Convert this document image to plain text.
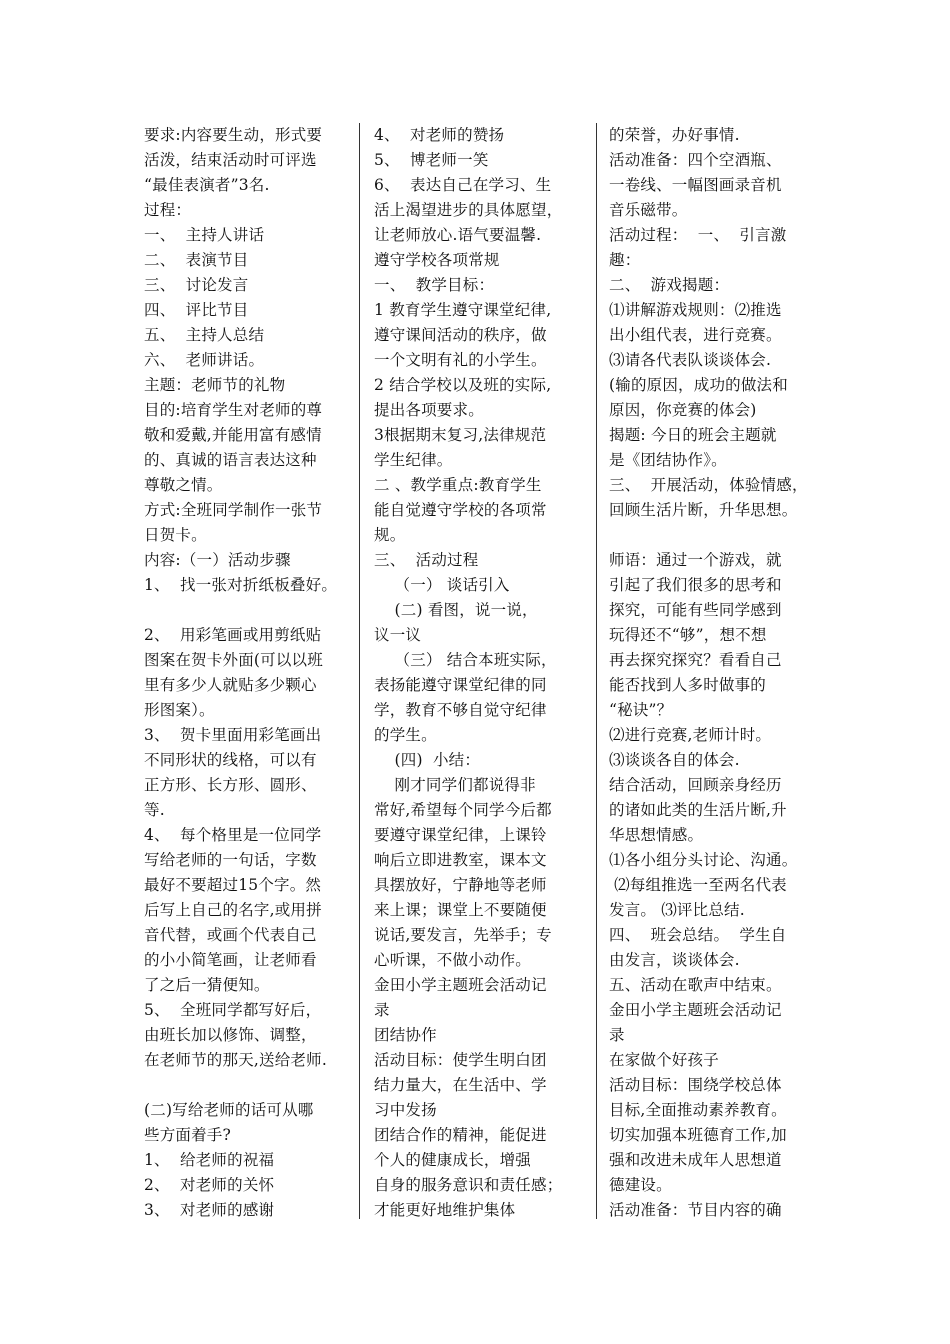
要求:内容要生动，形式要

活泼，结束活动时可评选

“最佳表演者”3名.

过程：

一、  主持人讲话

二、  表演节目

三、  讨论发言

四、  评比节目

五、  主持人总结

六、  老师讲话。

主题：老师节的礼物

目的:培育学生对老师的尊

敬和爱戴,并能用富有感情

的、真诚的语言表达这种

尊敬之情。

方式:全班同学制作一张节

日贺卡。

内容:（一）活动步骤

1、  找一张对折纸板叠好。

2、  用彩笔画或用剪纸贴

图案在贺卡外面(可以以班

里有多少人就贴多少颗心

形图案）。

3、  贺卡里面用彩笔画出

不同形状的线格，可以有

正方形、长方形、圆形、

等.

4、  每个格里是一位同学

写给老师的一句话，字数

最好不要超过15个字。然

后写上自己的名字,或用拼

音代替，或画个代表自己

的小小简笔画，让老师看

了之后一猜便知。

5、  全班同学都写好后，

由班长加以修饰、调整，

在老师节的那天,送给老师.

(二)写给老师的话可从哪

些方面着手?

1、  给老师的祝福

2、  对老师的关怀

3、  对老师的感谢

4、  对老师的赞扬

5、  博老师一笑

6、  表达自己在学习、生

活上渴望进步的具体愿望，

让老师放心.语气要温馨.

遵守学校各项常规

一、  教学目标：

1 教育学生遵守课堂纪律,

遵守课间活动的秩序，做

一个文明有礼的小学生。

2 结合学校以及班的实际,

提出各项要求。

3根据期末复习,法律规范

学生纪律。

二 、教学重点:教育学生

能自觉遵守学校的各项常

规。

三、  活动过程

（一） 谈话引入

(二) 看图，说一说，

议一议

（三） 结合本班实际，

表扬能遵守课堂纪律的同

学，教育不够自觉守纪律

的学生。

(四)  小结：

刚才同学们都说得非

常好,希望每个同学今后都

要遵守课堂纪律，上课铃

响后立即进教室，课本文

具摆放好，宁静地等老师

来上课；课堂上不要随便

说话,要发言，先举手；专

心听课，不做小动作。

金田小学主题班会活动记

录

团结协作

活动目标：使学生明白团

结力量大，在生活中、学

习中发扬

团结合作的精神，能促进

个人的健康成长，增强

自身的服务意识和责任感；

才能更好地维护集体

的荣誉，办好事情.

活动准备：四个空酒瓶、

一卷线、一幅图画录音机

音乐磁带。

活动过程：  一、  引言激

趣：

二、  游戏揭题：

⑴讲解游戏规则：⑵推选

出小组代表，进行竞赛。

⑶请各代表队谈谈体会.

(输的原因，成功的做法和

原因，你竞赛的体会)

揭题: 今日的班会主题就

是《团结协作》。

三、  开展活动，体验情感，

回顾生活片断，升华思想。

师语：通过一个游戏，就

引起了我们很多的思考和

探究，可能有些同学感到

玩得还不“够”，想不想

再去探究探究？看看自己

能否找到人多时做事的

“秘诀”？

⑵进行竞赛,老师计时。

⑶谈谈各自的体会.

结合活动，回顾亲身经历

的诸如此类的生活片断,升

华思想情感。

⑴各小组分头讨论、沟通。

⑵每组推选一至两名代表

发言。 ⑶评比总结.

四、  班会总结。  学生自

由发言，谈谈体会.

五、活动在歌声中结束。

金田小学主题班会活动记

录

在家做个好孩子

活动目标：围绕学校总体

目标,全面推动素养教育。

切实加强本班德育工作,加

强和改进未成年人思想道

德建设。

活动准备：节目内容的确
